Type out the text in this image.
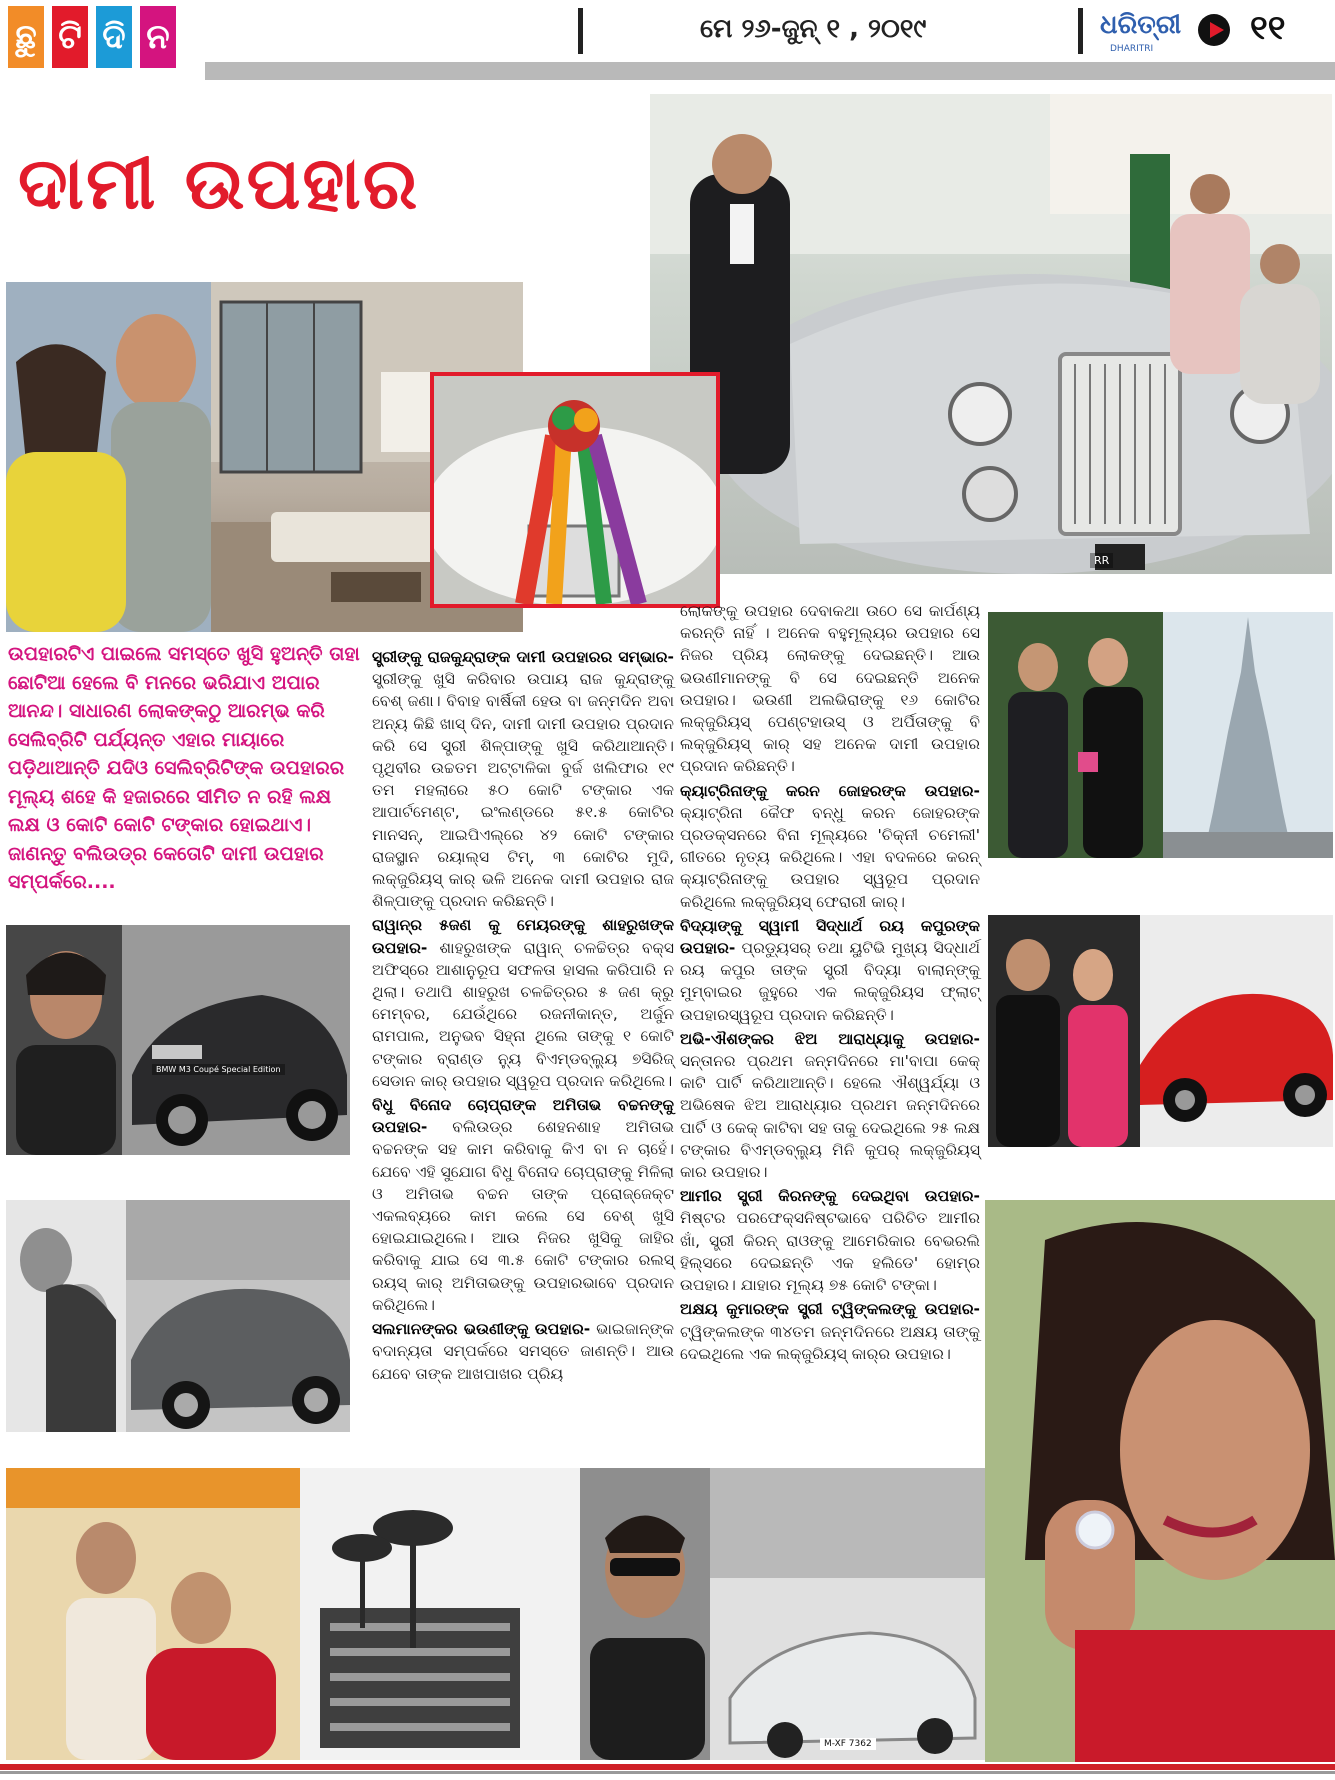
ଛୁ ଟି ଦି ନ	ମେ ୨୬-ଜୁନ୍ ୧ , ୨୦୧୯	ଧରିତ୍ରୀ
DHARITRI
୧୧
ଦାମୀ ଉପହାର
RR
ଉପହାରଟିଏ ପାଇଲେ ସମସ୍ତେ ଖୁସି ହୁଅନ୍ତି ତାହା ଛୋଟିଆ ହେଲେ ବି ମନରେ ଭରିଯାଏ ଅପାର ଆନନ୍ଦ। ସାଧାରଣ ଲୋକଙ୍କଠୁ ଆରମ୍ଭ କରି ସେଲିବ୍ରିଟି ପର୍ଯ୍ୟନ୍ତ ଏହାର ମାୟାରେ ପଡ଼ିଥାଆନ୍ତି ଯଦିଓ ସେଲିବ୍ରିଟିଙ୍କ ଉପହାରର ମୂଲ୍ୟ ଶହେ କି ହଜାରରେ ସୀମିତ ନ ରହି ଲକ୍ଷ ଲକ୍ଷ ଓ କୋଟି କୋଟି ଟଙ୍କାର ହୋଇଥାଏ। ଜାଣନ୍ତୁ ବଲିଉଡ୍‌ର କେତୋଟି ଦାମୀ ଉପହାର ସମ୍ପର୍କରେ....

ସ୍ତ୍ରୀଙ୍କୁ ରାଜକୁନ୍ଦ୍ରାଙ୍କ ଦାମୀ ଉପହାରର ସମ୍ଭାର- ସ୍ତ୍ରୀଙ୍କୁ ଖୁସି କରିବାର ଉପାୟ ରାଜ କୁନ୍ଦ୍ରାଙ୍କୁ ବେଶ୍ ଜଣା। ବିବାହ ବାର୍ଷିକୀ ହେଉ ବା ଜନ୍ମଦିନ ଅବା ଅନ୍ୟ କିଛି ଖାସ୍ ଦିନ, ଦାମୀ ଦାମୀ ଉପହାର ପ୍ରଦାନ କରି ସେ ସ୍ତ୍ରୀ ଶିଳ୍ପାଙ୍କୁ ଖୁସି କରିଥାଆନ୍ତି। ପୃଥିବୀର ଉଚ୍ଚତମ ଅଟ୍ଟାଳିକା ବୁର୍ଜ ଖଲିଫାର ୧୯ ତମ ମହଲାରେ ୫୦ କୋଟି ଟଙ୍କାର ଏକ ଆପାର୍ଟମେଣ୍ଟ, ଇଂଲଣ୍ଡରେ ୫୧.୫ କୋଟିର ମାନସନ୍, ଆଇପିଏଲ୍‌ରେ ୪୨ କୋଟି ଟଙ୍କାର ରାଜସ୍ଥାନ ରୟାଲ୍ସ ଟିମ୍, ୩ କୋଟିର ମୁଦି, ଲକ୍ଜୁରିୟସ୍ କାର୍ ଭଳି ଅନେକ ଦାମୀ ଉପହାର ରାଜ ଶିଳ୍ପାଙ୍କୁ ପ୍ରଦାନ କରିଛନ୍ତି।

ରାୱାନ୍‌ର ୫ଜଣ କୁ ମେୟରଙ୍କୁ ଶାହରୁଖଙ୍କ ଉପହାର- ଶାହରୁଖଙ୍କ ରାୱାନ୍ ଚଳଚ୍ଚିତ୍ର ବକ୍ସ ଅଫିସ୍‌ରେ ଆଶାନୁରୂପ ସଫଳତା ହାସଲ କରିପାରି ନ ଥିଲା। ତଥାପି ଶାହରୁଖ ଚଳଚ୍ଚିତ୍ରର ୫ ଜଣ କ୍ରୁ ମେମ୍ବର, ଯେଉଁଥିରେ ରଜନୀକାନ୍ତ, ଅର୍ଜୁନ ରାମପାଲ, ଅନୁଭବ ସିହ୍ନା ଥିଲେ ତାଙ୍କୁ ୧ କୋଟି ଟଙ୍କାର ବ୍ରାଣ୍ଡ ନ୍ୟୁ ବିଏମ୍‌ଡବ୍ଲ୍ୟୁ ୭ସିରିଜ୍ ସେଡାନ କାର୍ ଉପହାର ସ୍ୱରୂପ ପ୍ରଦାନ କରିଥିଲେ।

ବିଧୁ ବିନୋଦ ଚୋପ୍ରାଙ୍କ ଅମିତାଭ ବଚ୍ଚନଙ୍କୁ ଉପହାର- ବଲିଉଡ୍‌ର ଶେହନଶାହ ଅମିତାଭ ବଚ୍ଚନଙ୍କ ସହ କାମ କରିବାକୁ କିଏ ବା ନ ଚାହେଁ। ଯେବେ ଏହି ସୁଯୋଗ ବିଧୁ ବିନୋଦ ଚୋପ୍ରାଙ୍କୁ ମିଳିଲା ଓ ଅମିତାଭ ବଚ୍ଚନ ତାଙ୍କ ପ୍ରୋଜ୍ଜେକ୍ଟ ଏକଲବ୍ୟରେ କାମ କଲେ ସେ ବେଶ୍ ଖୁସି ହୋଇଯାଇଥିଲେ। ଆଉ ନିଜର ଖୁସିକୁ ଜାହିର କରିବାକୁ ଯାଇ ସେ ୩.୫ କୋଟି ଟଙ୍କାର ରଲସ୍ ରୟସ୍ କାର୍ ଅମିତାଭଙ୍କୁ ଉପହାରଭାବେ ପ୍ରଦାନ କରିଥିଲେ।

ସଲମାନଙ୍କର ଭଉଣୀଙ୍କୁ ଉପହାର- ଭାଇଜାନ୍‌ଙ୍କ ବଦାନ୍ୟତା ସମ୍ପର୍କରେ ସମସ୍ତେ ଜାଣନ୍ତି। ଆଉ ଯେବେ ତାଙ୍କ ଆଖପାଖର ପ୍ରିୟ

ଲୋକଙ୍କୁ ଉପହାର ଦେବାକଥା ଉଠେ ସେ କାର୍ପଣ୍ୟ କରନ୍ତି ନାହିଁ । ଅନେକ ବହୁମୂଲ୍ୟର ଉପହାର ସେ ନିଜର ପ୍ରିୟ ଲୋକଙ୍କୁ ଦେଇଛନ୍ତି। ଆଉ ଭଉଣୀମାନଙ୍କୁ ବି ସେ ଦେଇଛନ୍ତି ଅନେକ ଉପହାର। ଭଉଣୀ ଅଲଭିରାଙ୍କୁ ୧୬ କୋଟିର ଲକ୍ଜୁରିୟସ୍ ପେଣ୍ଟହାଉସ୍ ଓ ଅର୍ପିତାଙ୍କୁ ବି ଲକ୍ଜୁରିୟସ୍ କାର୍ ସହ ଅନେକ ଦାମୀ ଉପହାର ପ୍ରଦାନ କରିଛନ୍ତି।

କ୍ୟାଟ୍ରିନାଙ୍କୁ କରନ ଜୋହରଙ୍କ ଉପହାର- କ୍ୟାଟ୍ରିନା କୈଫ ବନ୍ଧୁ କରନ ଜୋହରଙ୍କ ପ୍ରଡକ୍ସନରେ ବିନା ମୂଲ୍ୟରେ 'ଚିକ୍‌ନୀ ଚମେଲୀ' ଗୀତରେ ନୃତ୍ୟ କରିଥିଲେ। ଏହା ବଦଳରେ କରନ୍ କ୍ୟାଟ୍ରିନାଙ୍କୁ ଉପହାର ସ୍ୱରୂପ ପ୍ରଦାନ କରିଥିଲେ ଲକ୍ଜୁରିୟସ୍ ଫେରାରୀ କାର୍।

ବିଦ୍ୟାଙ୍କୁ ସ୍ୱାମୀ ସିଦ୍ଧାର୍ଥ ରୟ କପୁରଙ୍କ ଉପହାର- ପ୍ରଡ୍ୟୁସର୍ ତଥା ୟୁଟିଭି ମୁଖ୍ୟ ସିଦ୍ଧାର୍ଥ ରୟ କପୁର ତାଙ୍କ ସ୍ତ୍ରୀ ବିଦ୍ୟା ବାଲାନ୍‌ଙ୍କୁ ମୁମ୍ବାଇର ଜୁହୁରେ ଏକ ଲକ୍ଜୁରିୟସ ଫ୍ଲାଟ୍ ଉପହାରସ୍ୱରୂପ ପ୍ରଦାନ କରିଛନ୍ତି।

ଅଭି-ଐଶଙ୍କର ଝିଅ ଆରାଧ୍ୟାକୁ ଉପହାର- ସନ୍ତାନର ପ୍ରଥମ ଜନ୍ମଦିନରେ ମା'ବାପା କେକ୍ କାଟି ପାର୍ଟି କରିଥାଆନ୍ତି। ହେଲେ ଐଶ୍ୱର୍ଯ୍ୟା ଓ ଅଭିଷେକ ଝିଅ ଆରାଧ୍ୟାର ପ୍ରଥମ ଜନ୍ମଦିନରେ ପାର୍ଟି ଓ କେକ୍ କାଟିବା ସହ ତାକୁ ଦେଇଥିଲେ ୨୫ ଲକ୍ଷ ଟଙ୍କାର ବିଏମ୍‌ଡବ୍ଲ୍ୟୁ ମିନି କୁପର୍ ଲକ୍ଜୁରିୟସ୍ କାର ଉପହାର।

ଆମୀର ସ୍ତ୍ରୀ କିରନଙ୍କୁ ଦେଇଥିବା ଉପହାର- ମିଷ୍ଟର ପରଫେକ୍ସନିଷ୍ଟଭାବେ ପରିଚିତ ଆମୀର ଖାଁ, ସ୍ତ୍ରୀ କିରନ୍ ରାଓଙ୍କୁ ଆମେରିକାର ବେଭରଲି ହିଲ୍ସରେ ଦେଇଛନ୍ତି ଏକ ହଲିଡେ' ହୋମ୍‌ର ଉପହାର। ଯାହାର ମୂଲ୍ୟ ୭୫ କୋଟି ଟଙ୍କା।

ଅକ୍ଷୟ କୁମାରଙ୍କ ସ୍ତ୍ରୀ ଟ୍ୱିଙ୍କଲଙ୍କୁ ଉପହାର- ଟ୍ୱିଙ୍କଲଙ୍କ ୩୪ତମ ଜନ୍ମଦିନରେ ଅକ୍ଷୟ ତାଙ୍କୁ ଦେଇଥିଲେ ଏକ ଲକ୍ଜୁରିୟସ୍ କାର୍‌ର ଉପହାର।

BMW M3 Coupé Special Edition
M-XF 7362
